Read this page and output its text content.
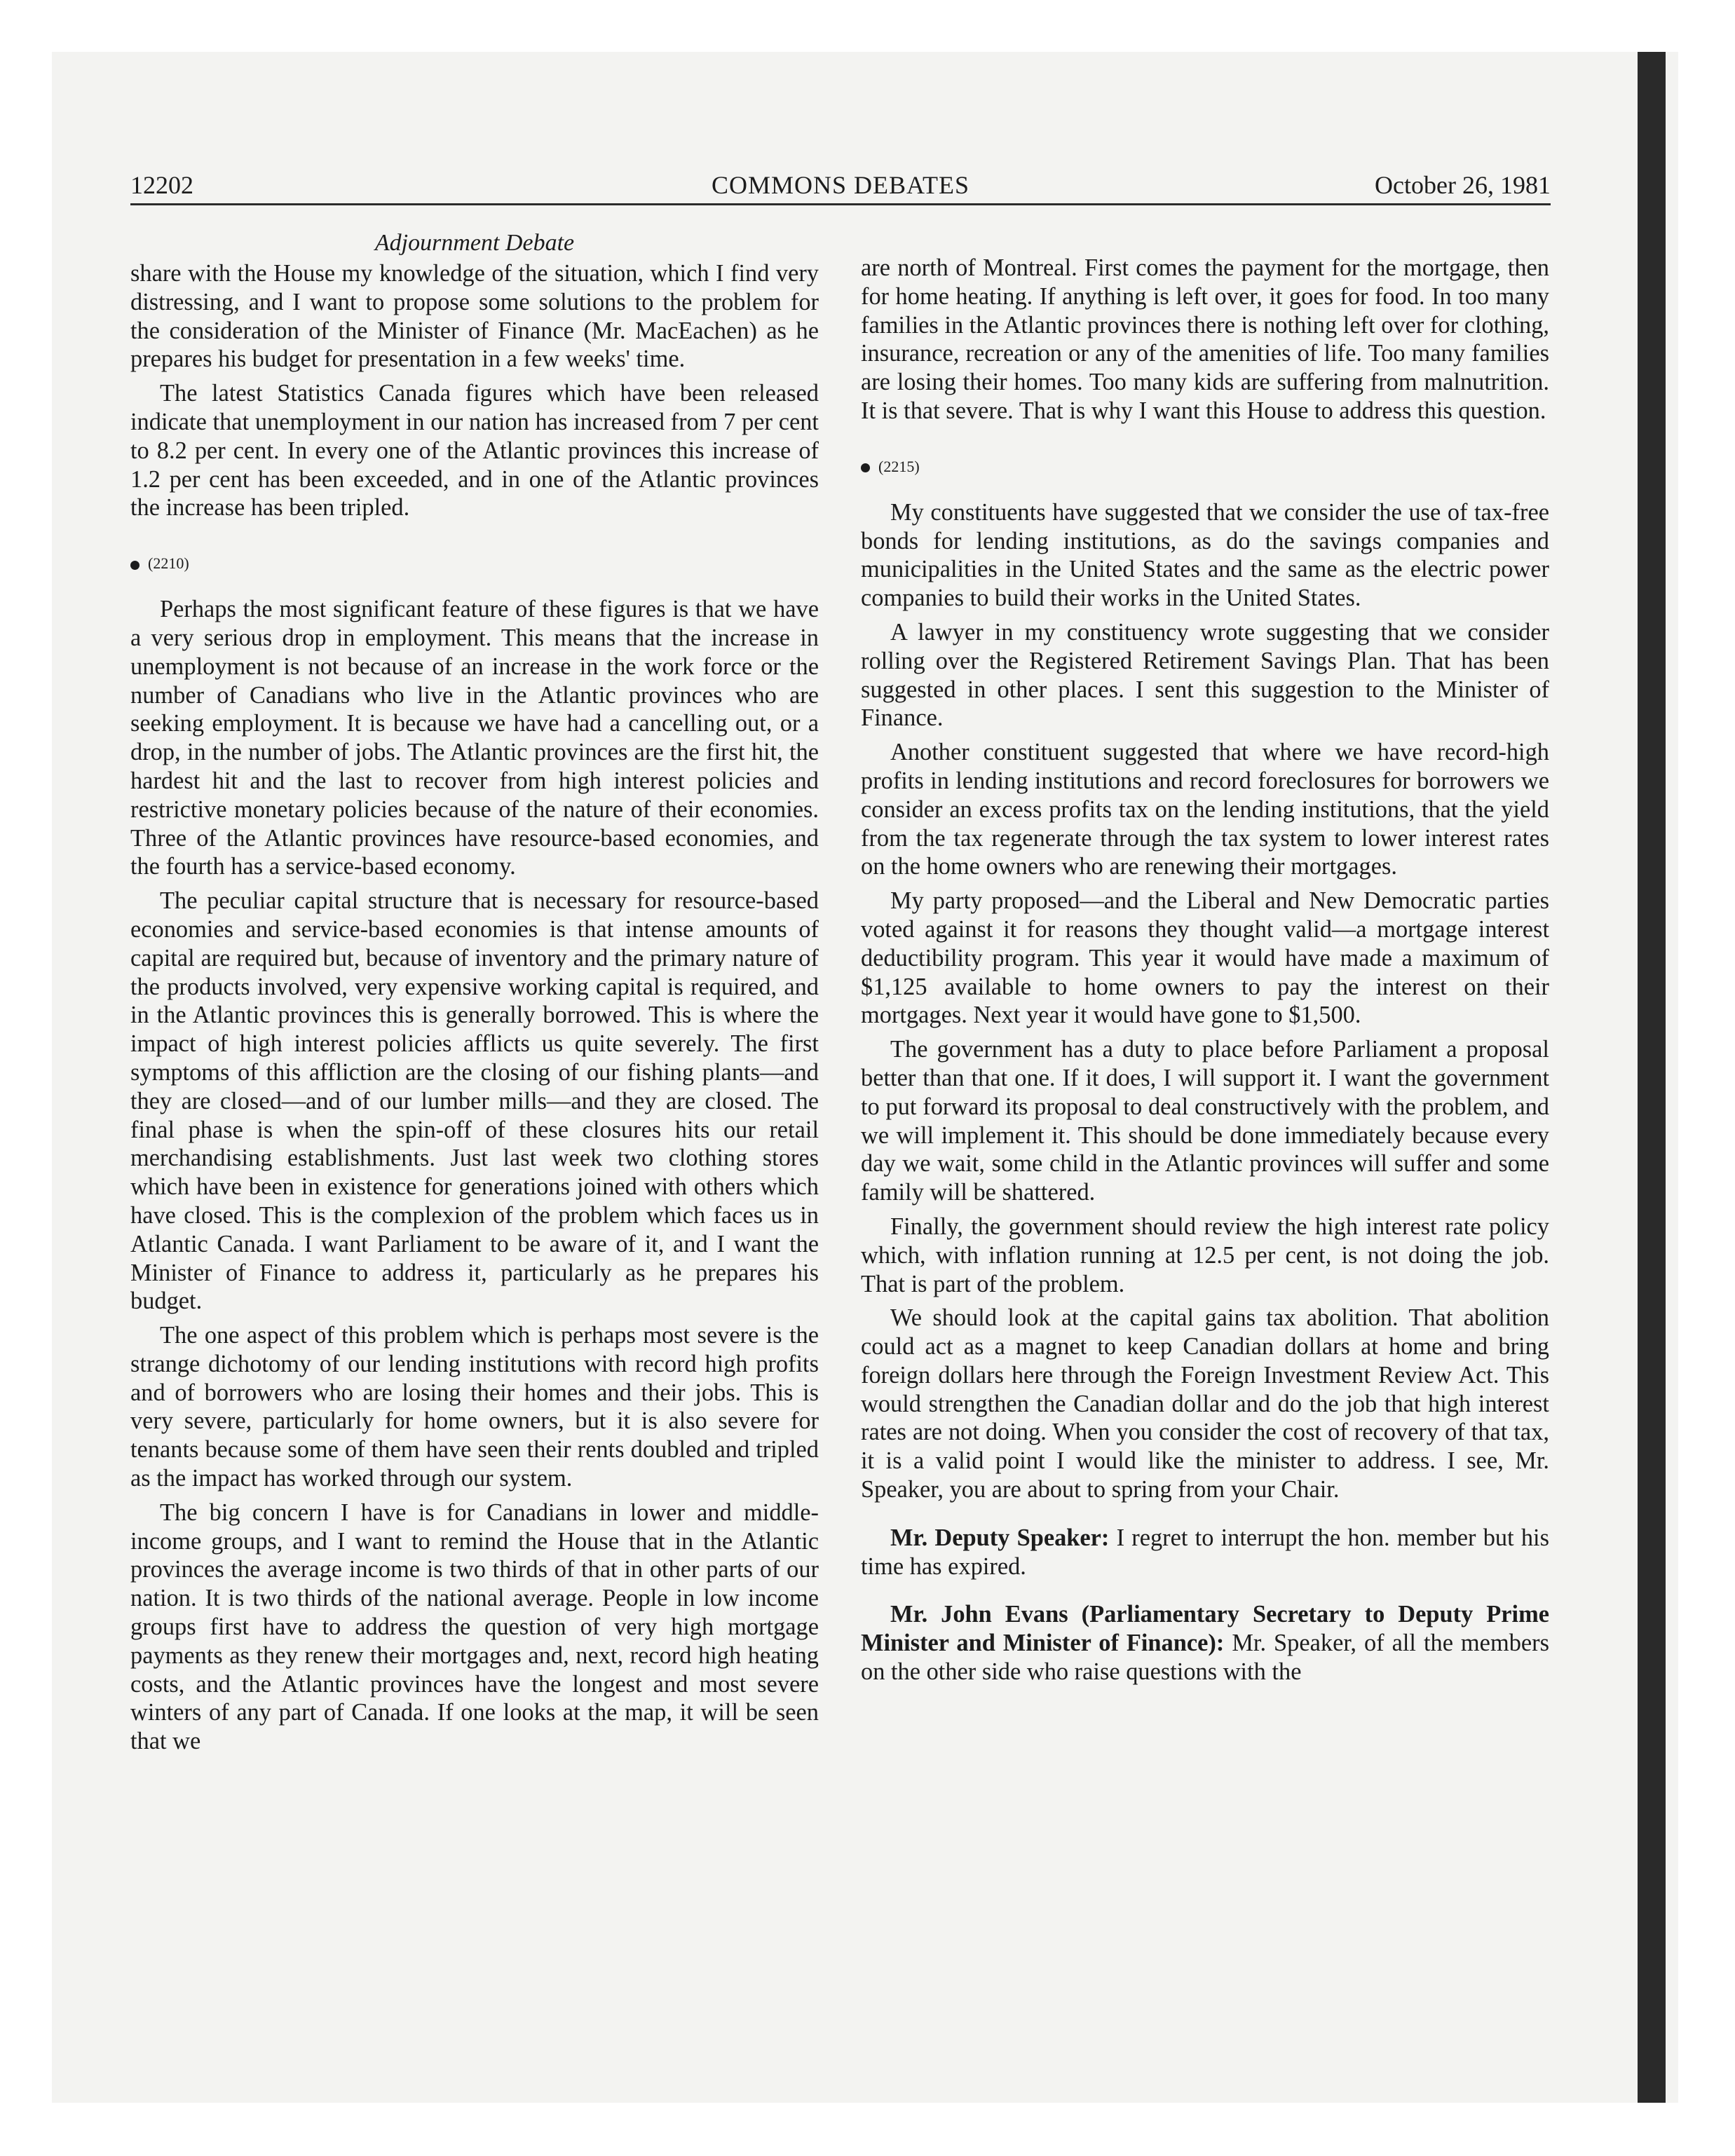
12202	COMMONS DEBATES	October 26, 1981
Adjournment Debate

share with the House my knowledge of the situation, which I find very distressing, and I want to propose some solutions to the problem for the consideration of the Minister of Finance (Mr. MacEachen) as he prepares his budget for presentation in a few weeks' time.

The latest Statistics Canada figures which have been released indicate that unemployment in our nation has increased from 7 per cent to 8.2 per cent. In every one of the Atlantic provinces this increase of 1.2 per cent has been exceeded, and in one of the Atlantic provinces the increase has been tripled.

(2210)

Perhaps the most significant feature of these figures is that we have a very serious drop in employment. This means that the increase in unemployment is not because of an increase in the work force or the number of Canadians who live in the Atlantic provinces who are seeking employment. It is because we have had a cancelling out, or a drop, in the number of jobs. The Atlantic provinces are the first hit, the hardest hit and the last to recover from high interest policies and restrictive monetary policies because of the nature of their economies. Three of the Atlantic provinces have resource-based economies, and the fourth has a service-based economy.

The peculiar capital structure that is necessary for resource-based economies and service-based economies is that intense amounts of capital are required but, because of inventory and the primary nature of the products involved, very expensive working capital is required, and in the Atlantic provinces this is generally borrowed. This is where the impact of high interest policies afflicts us quite severely. The first symptoms of this affliction are the closing of our fishing plants—and they are closed—and of our lumber mills—and they are closed. The final phase is when the spin-off of these closures hits our retail merchandising establishments. Just last week two clothing stores which have been in existence for generations joined with others which have closed. This is the complexion of the problem which faces us in Atlantic Canada. I want Parliament to be aware of it, and I want the Minister of Finance to address it, particularly as he prepares his budget.

The one aspect of this problem which is perhaps most severe is the strange dichotomy of our lending institutions with record high profits and of borrowers who are losing their homes and their jobs. This is very severe, particularly for home owners, but it is also severe for tenants because some of them have seen their rents doubled and tripled as the impact has worked through our system.

The big concern I have is for Canadians in lower and middle-income groups, and I want to remind the House that in the Atlantic provinces the average income is two thirds of that in other parts of our nation. It is two thirds of the national average. People in low income groups first have to address the question of very high mortgage payments as they renew their mortgages and, next, record high heating costs, and the Atlantic provinces have the longest and most severe winters of any part of Canada. If one looks at the map, it will be seen that we

are north of Montreal. First comes the payment for the mortgage, then for home heating. If anything is left over, it goes for food. In too many families in the Atlantic provinces there is nothing left over for clothing, insurance, recreation or any of the amenities of life. Too many families are losing their homes. Too many kids are suffering from malnutrition. It is that severe. That is why I want this House to address this question.

(2215)

My constituents have suggested that we consider the use of tax-free bonds for lending institutions, as do the savings companies and municipalities in the United States and the same as the electric power companies to build their works in the United States.

A lawyer in my constituency wrote suggesting that we consider rolling over the Registered Retirement Savings Plan. That has been suggested in other places. I sent this suggestion to the Minister of Finance.

Another constituent suggested that where we have record-high profits in lending institutions and record foreclosures for borrowers we consider an excess profits tax on the lending institutions, that the yield from the tax regenerate through the tax system to lower interest rates on the home owners who are renewing their mortgages.

My party proposed—and the Liberal and New Democratic parties voted against it for reasons they thought valid—a mortgage interest deductibility program. This year it would have made a maximum of $1,125 available to home owners to pay the interest on their mortgages. Next year it would have gone to $1,500.

The government has a duty to place before Parliament a proposal better than that one. If it does, I will support it. I want the government to put forward its proposal to deal constructively with the problem, and we will implement it. This should be done immediately because every day we wait, some child in the Atlantic provinces will suffer and some family will be shattered.

Finally, the government should review the high interest rate policy which, with inflation running at 12.5 per cent, is not doing the job. That is part of the problem.

We should look at the capital gains tax abolition. That abolition could act as a magnet to keep Canadian dollars at home and bring foreign dollars here through the Foreign Investment Review Act. This would strengthen the Canadian dollar and do the job that high interest rates are not doing. When you consider the cost of recovery of that tax, it is a valid point I would like the minister to address. I see, Mr. Speaker, you are about to spring from your Chair.

Mr. Deputy Speaker: I regret to interrupt the hon. member but his time has expired.

Mr. John Evans (Parliamentary Secretary to Deputy Prime Minister and Minister of Finance): Mr. Speaker, of all the members on the other side who raise questions with the
